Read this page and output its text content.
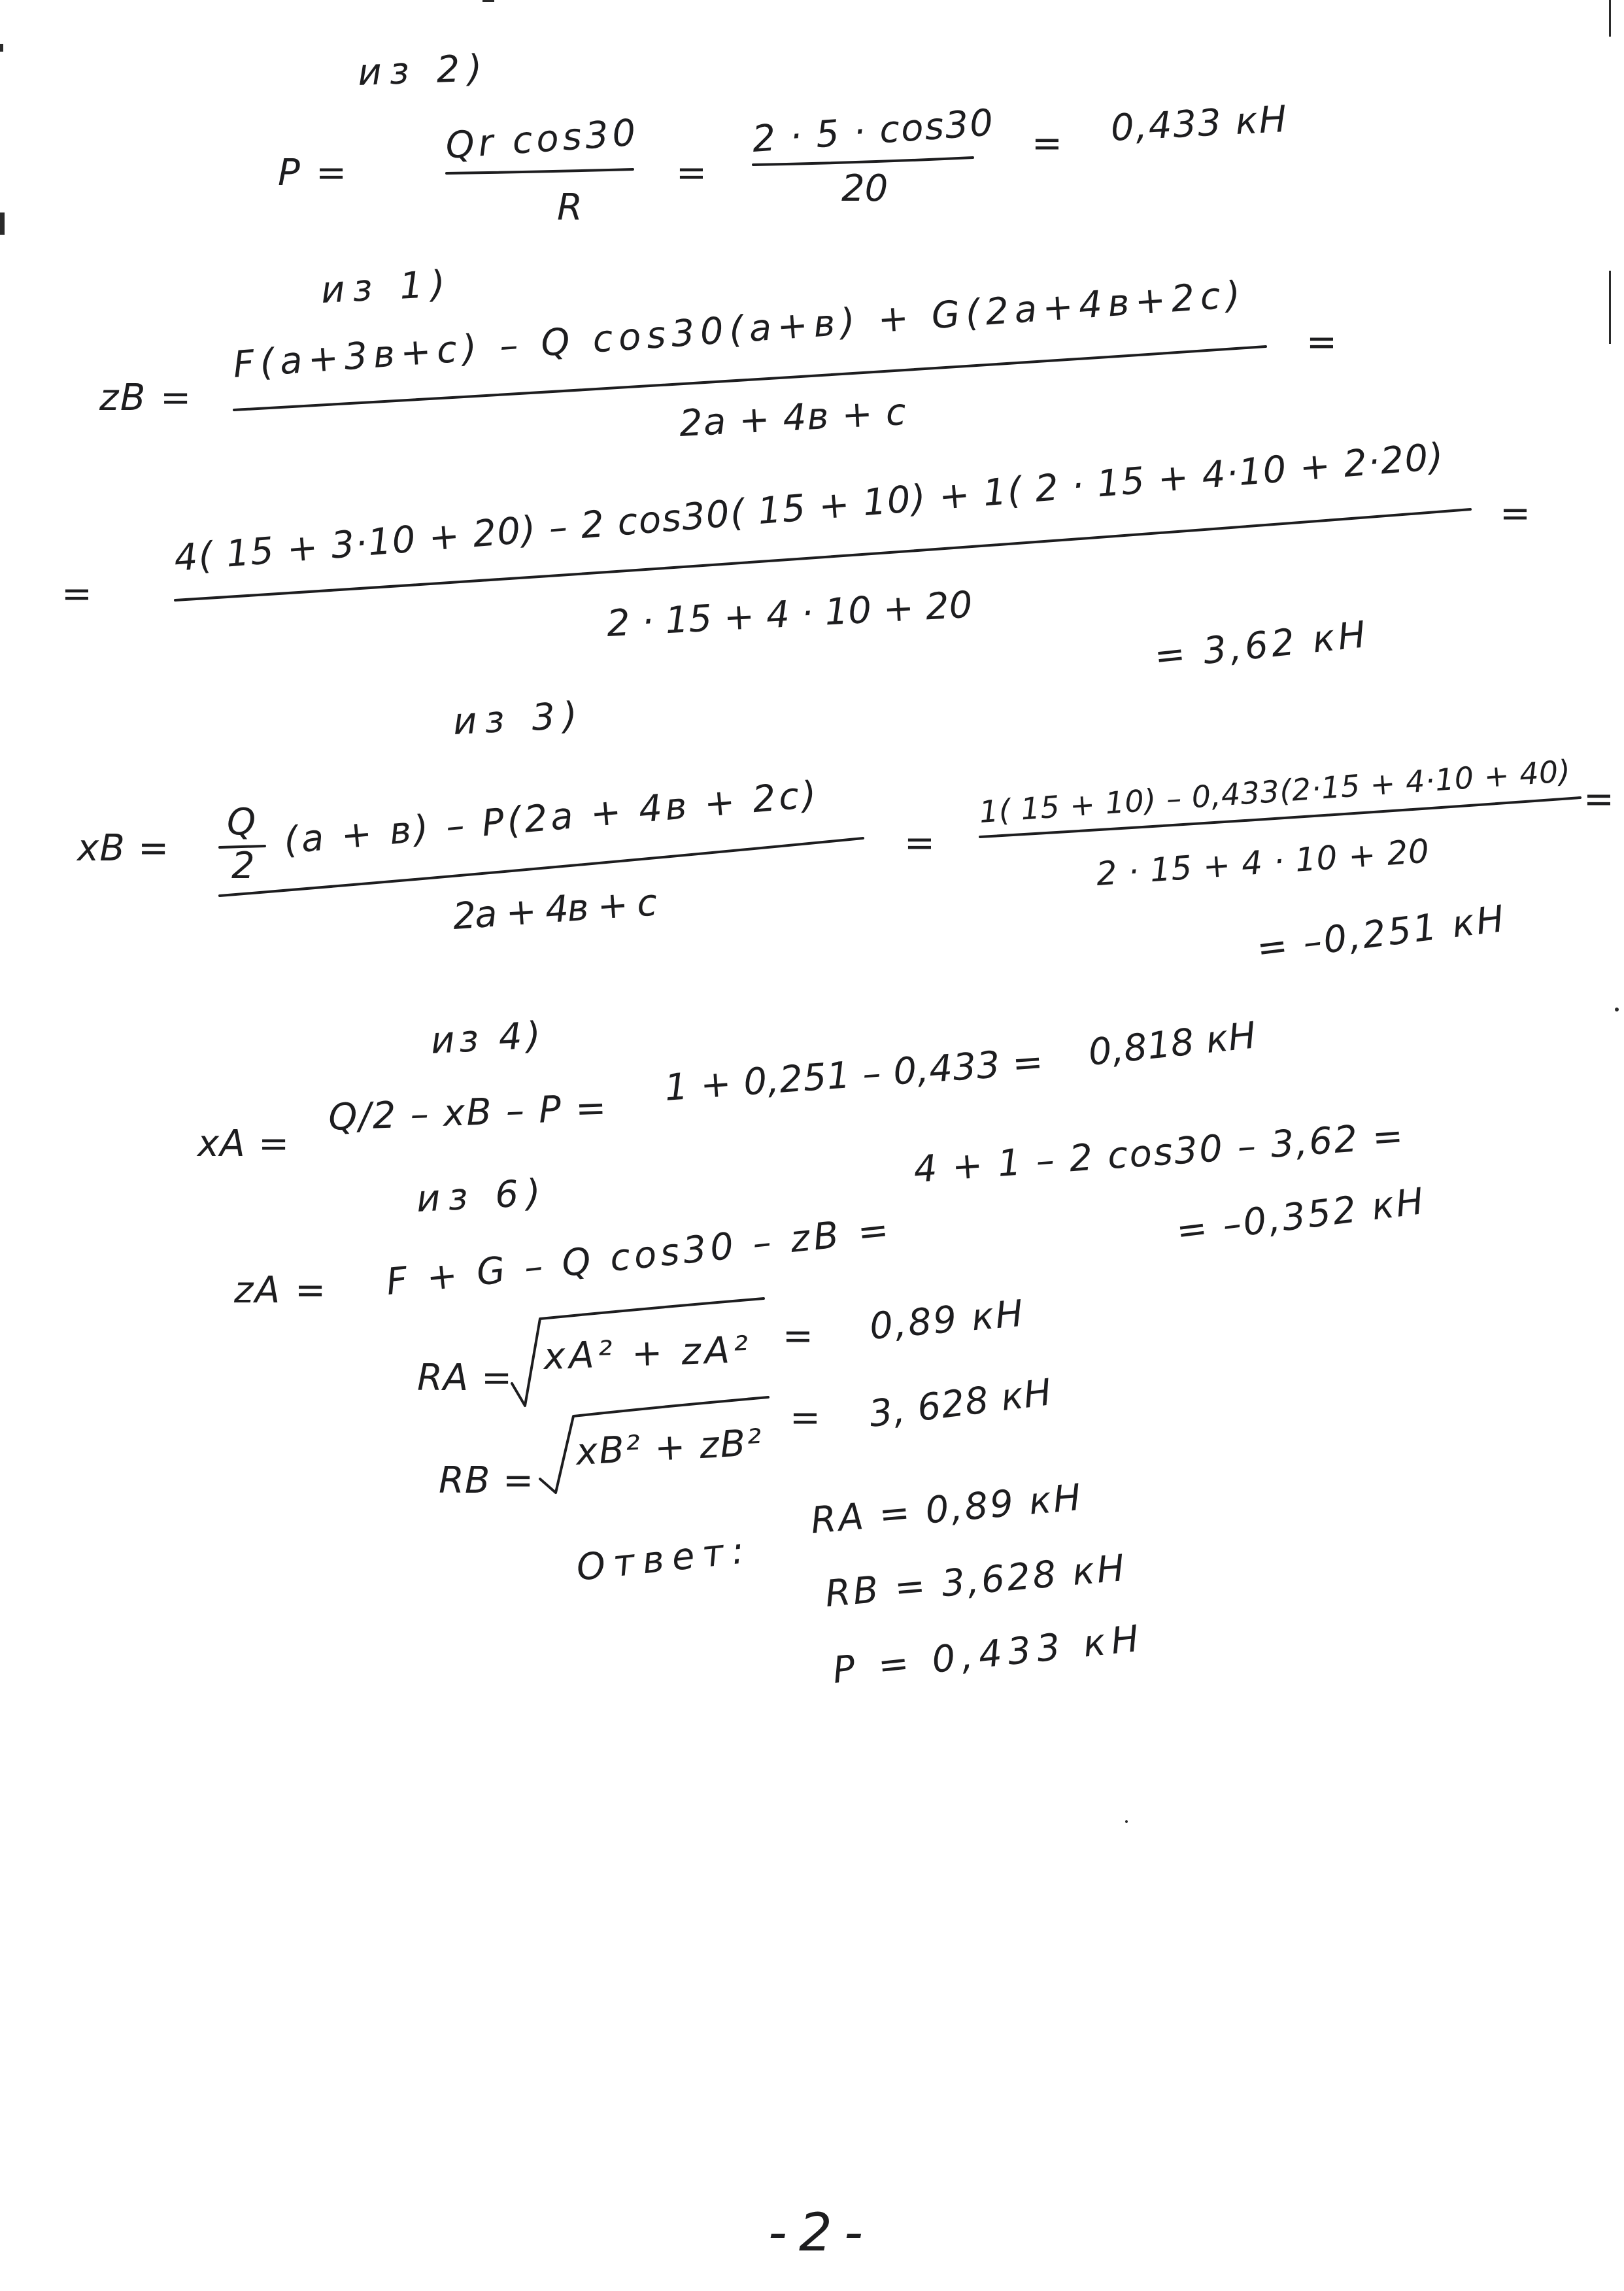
из 2)
P =
Qr cos30
R
=
2 · 5 · cos30
20
= 0,433 кН
из 1)
zB =
F(a+3в+c) – Q cos30(a+в) + G(2a+4в+2c)
=
2a + 4в + c
=
4( 15 + 3·10 + 20) – 2 cos30( 15 + 10) + 1( 2 · 15 + 4·10 + 2·20)
=
2 · 15 + 4 · 10 + 20
= 3,62 кН
из 3)
xB =
Q
2
(a + в) – P(2a + 4в + 2c)
2a + 4в + c
=
1( 15 + 10) – 0,433(2·15 + 4·10 + 40)
=
2 · 15 + 4 · 10 + 20
= –0,251 кН
из 4)
xA =
Q/2 – xB – P = 1 + 0,251 – 0,433 = 0,818 кН
из 6)
zA = F + G – Q cos30 – zB =
4 + 1 – 2 cos30 – 3,62 =
= –0,352 кН
RA = xA² + zA² = 0,89 кН
RB =
xB² + zB²
= 3, 628 кН
Ответ:
RA = 0,89 кН
RB = 3,628 кН
P = 0,433 кН
-2-
